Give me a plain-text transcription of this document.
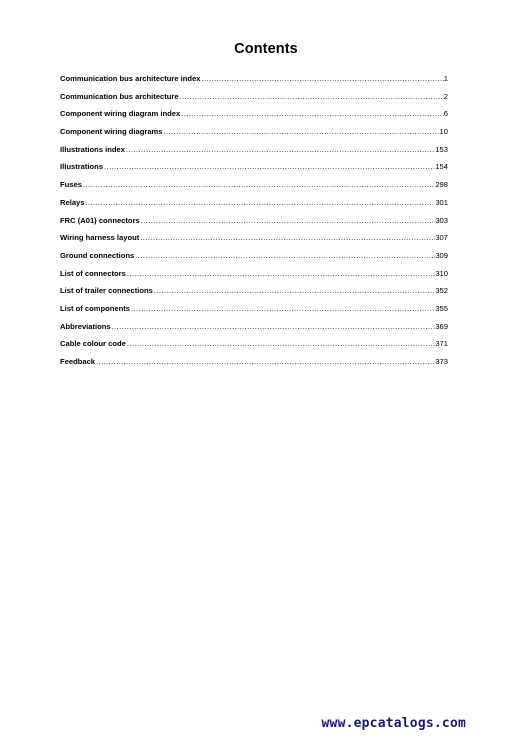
Contents
Communication bus architecture index .....	1
Communication bus architecture .....	2
Component wiring diagram index .....	6
Component wiring diagrams .....	10
Illustrations index .....	153
Illustrations .....	154
Fuses .....	298
Relays .....	301
FRC (A01) connectors .....	303
Wiring harness layout .....	307
Ground connections .....	309
List of connectors .....	310
List of trailer connections .....	352
List of components .....	355
Abbreviations .....	369
Cable colour code .....	371
Feedback .....	373
www.epcatalogs.com
